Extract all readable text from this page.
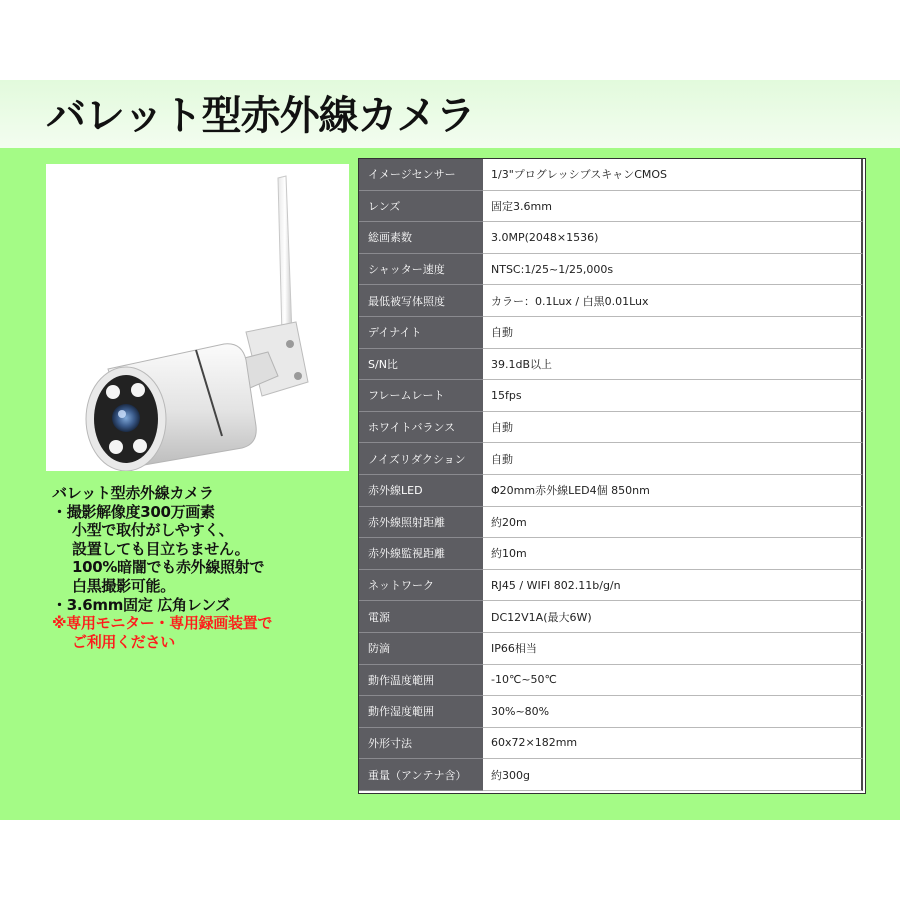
バレット型赤外線カメラ
バレット型赤外線カメラ
・撮影解像度300万画素
小型で取付がしやすく、
設置しても目立ちません。
100%暗闇でも赤外線照射で
白黒撮影可能。
・3.6mm固定 広角レンズ
※専用モニター・専用録画装置で
ご利用ください
イメージセンサー	1/3"プログレッシブスキャンCMOS
レンズ	固定3.6mm
総画素数	3.0MP(2048×1536)
シャッター速度	NTSC:1/25~1/25,000s
最低被写体照度	カラー：0.1Lux / 白黒0.01Lux
デイナイト	自動
S/N比	39.1dB以上
フレームレート	15fps
ホワイトバランス	自動
ノイズリダクション	自動
赤外線LED	Φ20mm赤外線LED4個 850nm
赤外線照射距離	約20m
赤外線監視距離	約10m
ネットワーク	RJ45 / WIFI 802.11b/g/n
電源	DC12V1A(最大6W)
防滴	IP66相当
動作温度範囲	-10℃~50℃
動作湿度範囲	30%~80%
外形寸法	60x72×182mm
重量（アンテナ含）	約300g
